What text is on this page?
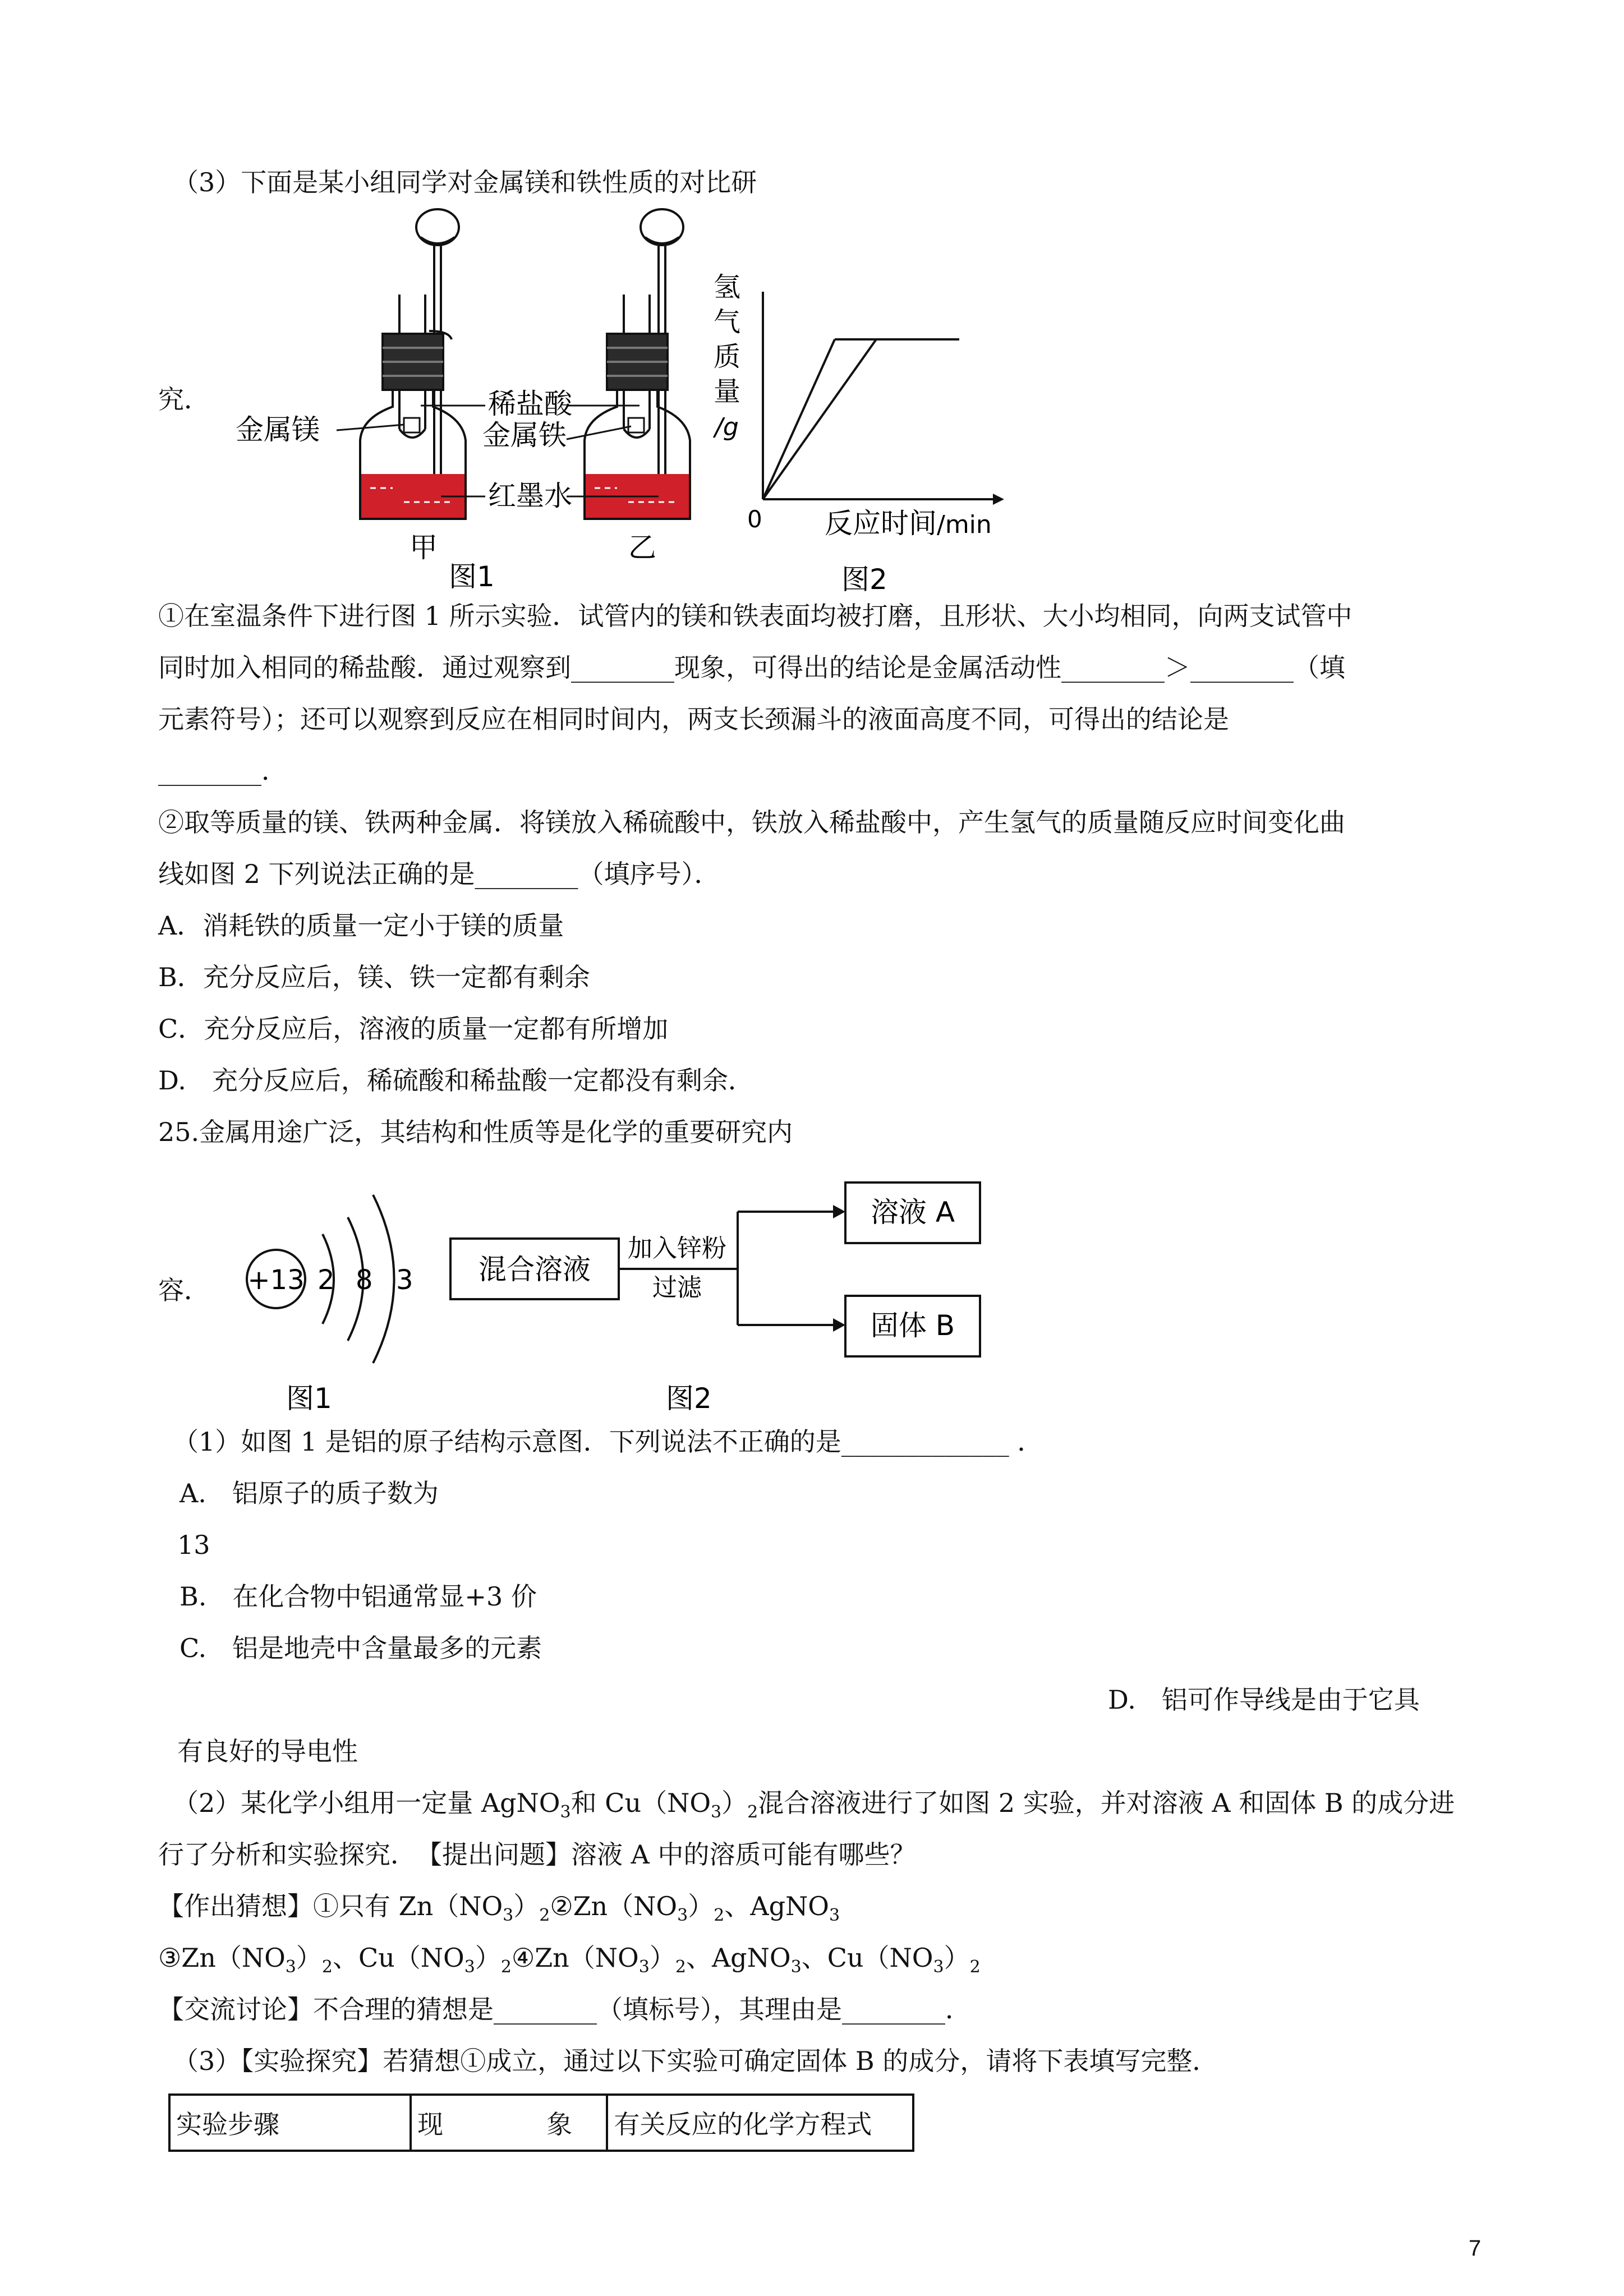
（3）下面是某小组同学对金属镁和铁性质的对比研
究．
金属镁
稀盐酸
金属铁
红墨水
甲	乙
图1
氢
气
质
量
/g
0 反应时间 /min
图2
①在室温条件下进行图 1 所示实验．试管内的镁和铁表面均被打磨，且形状、大小均相同，向两支试管中
同时加入相同的稀盐酸．通过观察到________现象，可得出的结论是金属活动性________＞________（填
元素符号）；还可以观察到反应在相同时间内，两支长颈漏斗的液面高度不同，可得出的结论是
________．
②取等质量的镁、铁两种金属．将镁放入稀硫酸中，铁放入稀盐酸中，产生氢气的质量随反应时间变化曲
线如图 2 下列说法正确的是________（填序号）．
A．消耗铁的质量一定小于镁的质量
B．充分反应后，镁、铁一定都有剩余
C．充分反应后，溶液的质量一定都有所增加
D.　充分反应后，稀硫酸和稀盐酸一定都没有剩余．
25.金属用途广泛，其结构和性质等是化学的重要研究内
容． +13 2 8 3
图1
混合溶液
加入锌粉
过滤
溶液 A
固体 B
图2
（1）如图 1 是铝的原子结构示意图．下列说法不正确的是_____________ ．
A.　铝原子的质子数为
13
B.　在化合物中铝通常显+3 价
C.　铝是地壳中含量最多的元素
D.　铝可作导线是由于它具
有良好的导电性
（2）某化学小组用一定量 AgNO$_3$和 $Cu(NO_3)_2$混合溶液进行了如图 2 实验，并对溶液 A 和固体 B 的成分进
行了分析和实验探究．　【提出问题】溶液 A 中的溶质可能有哪些？
【作出猜想】①只有 $Zn(NO_3)_2②Zn(NO_3)_2$、AgNO$_3$
$③Zn(NO_3)_2$、$Cu(NO_3)_2④Zn(NO_3)_2$、AgNO$_3$、$Cu(NO_3)_2$
【交流讨论】不合理的猜想是________（填标号），其理由是________．
（3）【实验探究】若猜想①成立，通过以下实验可确定固体 B 的成分，请将下表填写完整．
实验步骤	现　　　　象	有关反应的化学方程式
7
